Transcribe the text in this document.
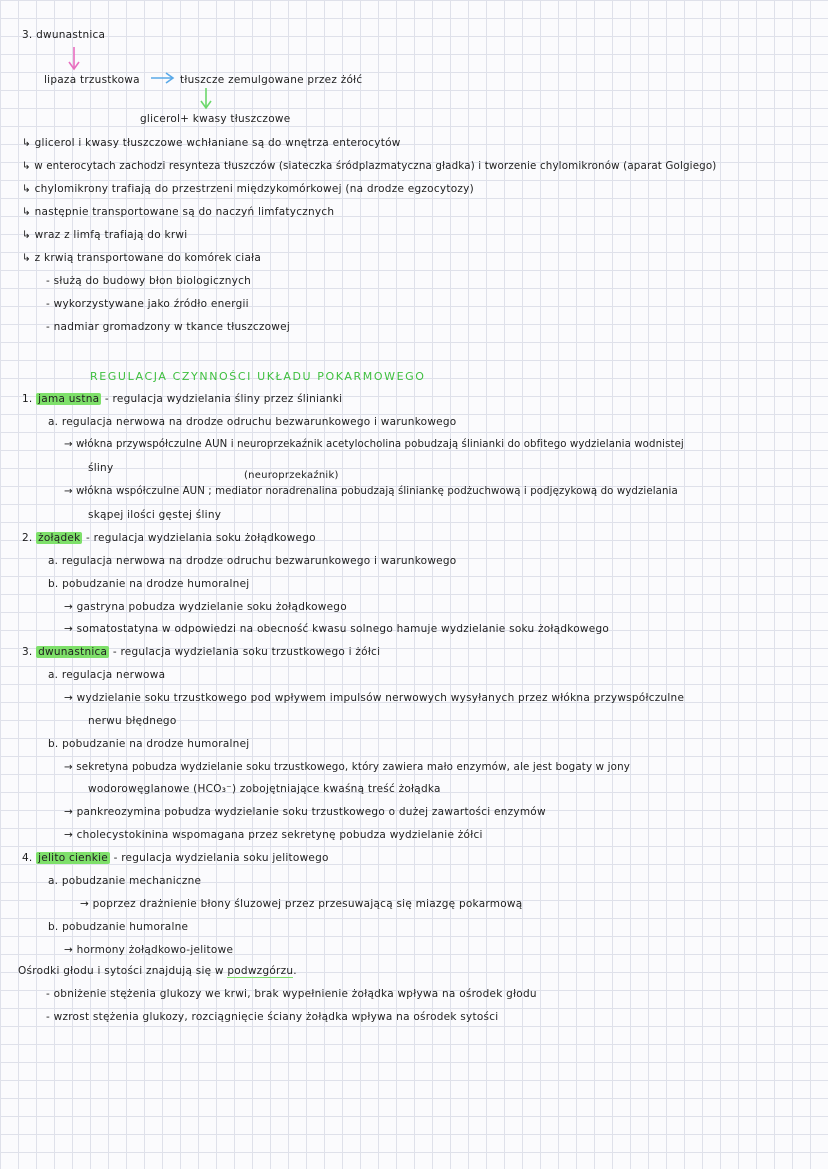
3. dwunastnica
lipaza trzustkowa	tłuszcze zemulgowane przez żółć
glicerol+ kwasy tłuszczowe
↳ glicerol i kwasy tłuszczowe wchłaniane są do wnętrza enterocytów
↳ w enterocytach zachodzi resynteza tłuszczów (siateczka śródplazmatyczna gładka) i tworzenie chylomikronów (aparat Golgiego)
↳ chylomikrony trafiają do przestrzeni międzykomórkowej (na drodze egzocytozy)
↳ następnie transportowane są do naczyń limfatycznych
↳ wraz z limfą trafiają do krwi
↳ z krwią transportowane do komórek ciała
- służą do budowy błon biologicznych
- wykorzystywane jako źródło energii
- nadmiar gromadzony w tkance tłuszczowej
REGULACJA CZYNNOŚCI UKŁADU POKARMOWEGO
1. jama ustna - regulacja wydzielania śliny przez ślinianki
a. regulacja nerwowa na drodze odruchu bezwarunkowego i warunkowego
→ włókna przywspółczulne AUN i neuroprzekaźnik acetylocholina pobudzają ślinianki do obfitego wydzielania wodnistej
śliny
(neuroprzekaźnik)
→ włókna współczulne AUN ; mediator noradrenalina pobudzają śliniankę podżuchwową i podjęzykową do wydzielania
skąpej ilości gęstej śliny
2. żołądek - regulacja wydzielania soku żołądkowego
a. regulacja nerwowa na drodze odruchu bezwarunkowego i warunkowego
b. pobudzanie na drodze humoralnej
→ gastryna pobudza wydzielanie soku żołądkowego
→ somatostatyna w odpowiedzi na obecność kwasu solnego hamuje wydzielanie soku żołądkowego
3. dwunastnica - regulacja wydzielania soku trzustkowego i żółci
a. regulacja nerwowa
→ wydzielanie soku trzustkowego pod wpływem impulsów nerwowych wysyłanych przez włókna przywspółczulne
nerwu błędnego
b. pobudzanie na drodze humoralnej
→ sekretyna pobudza wydzielanie soku trzustkowego, który zawiera mało enzymów, ale jest bogaty w jony
wodorowęglanowe (HCO₃⁻) zobojętniające kwaśną treść żołądka
→ pankreozymina pobudza wydzielanie soku trzustkowego o dużej zawartości enzymów
→ cholecystokinina wspomagana przez sekretynę pobudza wydzielanie żółci
4. jelito cienkie - regulacja wydzielania soku jelitowego
a. pobudzanie mechaniczne
→ poprzez drażnienie błony śluzowej przez przesuwającą się miazgę pokarmową
b. pobudzanie humoralne
→ hormony żołądkowo-jelitowe
Ośrodki głodu i sytości znajdują się w podwzgórzu.
- obniżenie stężenia glukozy we krwi, brak wypełnienie żołądka wpływa na ośrodek głodu
- wzrost stężenia glukozy, rozciągnięcie ściany żołądka wpływa na ośrodek sytości
